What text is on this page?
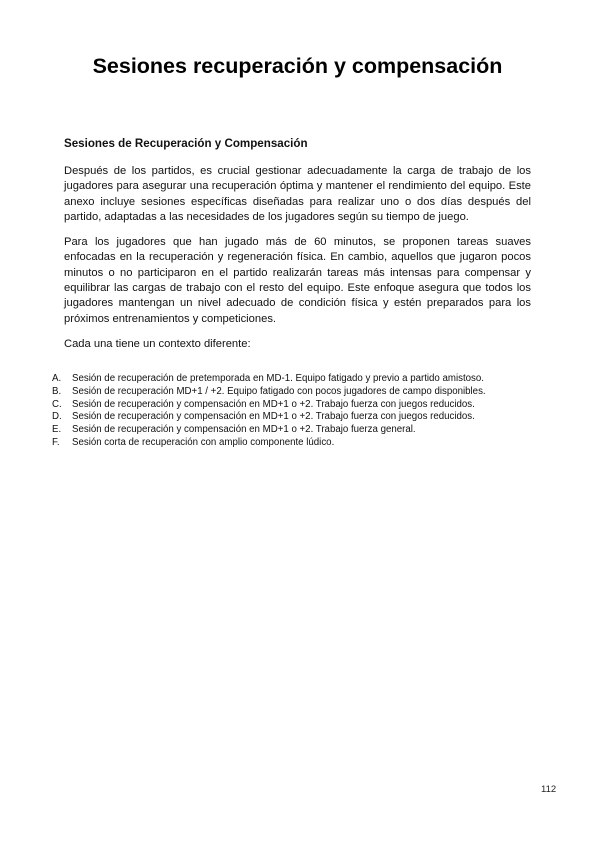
Sesiones recuperación y compensación
Sesiones de Recuperación y Compensación

Después de los partidos, es crucial gestionar adecuadamente la carga de trabajo de los jugadores para asegurar una recuperación óptima y mantener el rendimiento del equipo. Este anexo incluye sesiones específicas diseñadas para realizar uno o dos días después del partido, adaptadas a las necesidades de los jugadores según su tiempo de juego.

Para los jugadores que han jugado más de 60 minutos, se proponen tareas suaves enfocadas en la recuperación y regeneración física. En cambio, aquellos que jugaron pocos minutos o no participaron en el partido realizarán tareas más intensas para compensar y equilibrar las cargas de trabajo con el resto del equipo. Este enfoque asegura que todos los jugadores mantengan un nivel adecuado de condición física y estén preparados para los próximos entrenamientos y competiciones.

Cada una tiene un contexto diferente:

A.	Sesión de recuperación de pretemporada en MD-1. Equipo fatigado y previo a partido amistoso.
B.	Sesión de recuperación MD+1 / +2. Equipo fatigado con pocos jugadores de campo disponibles.
C.	Sesión de recuperación y compensación en MD+1 o +2. Trabajo fuerza con juegos reducidos.
D.	Sesión de recuperación y compensación en MD+1 o +2. Trabajo fuerza con juegos reducidos.
E.	Sesión de recuperación y compensación en MD+1 o +2. Trabajo fuerza general.
F.	Sesión corta de recuperación con amplio componente lúdico.
112
